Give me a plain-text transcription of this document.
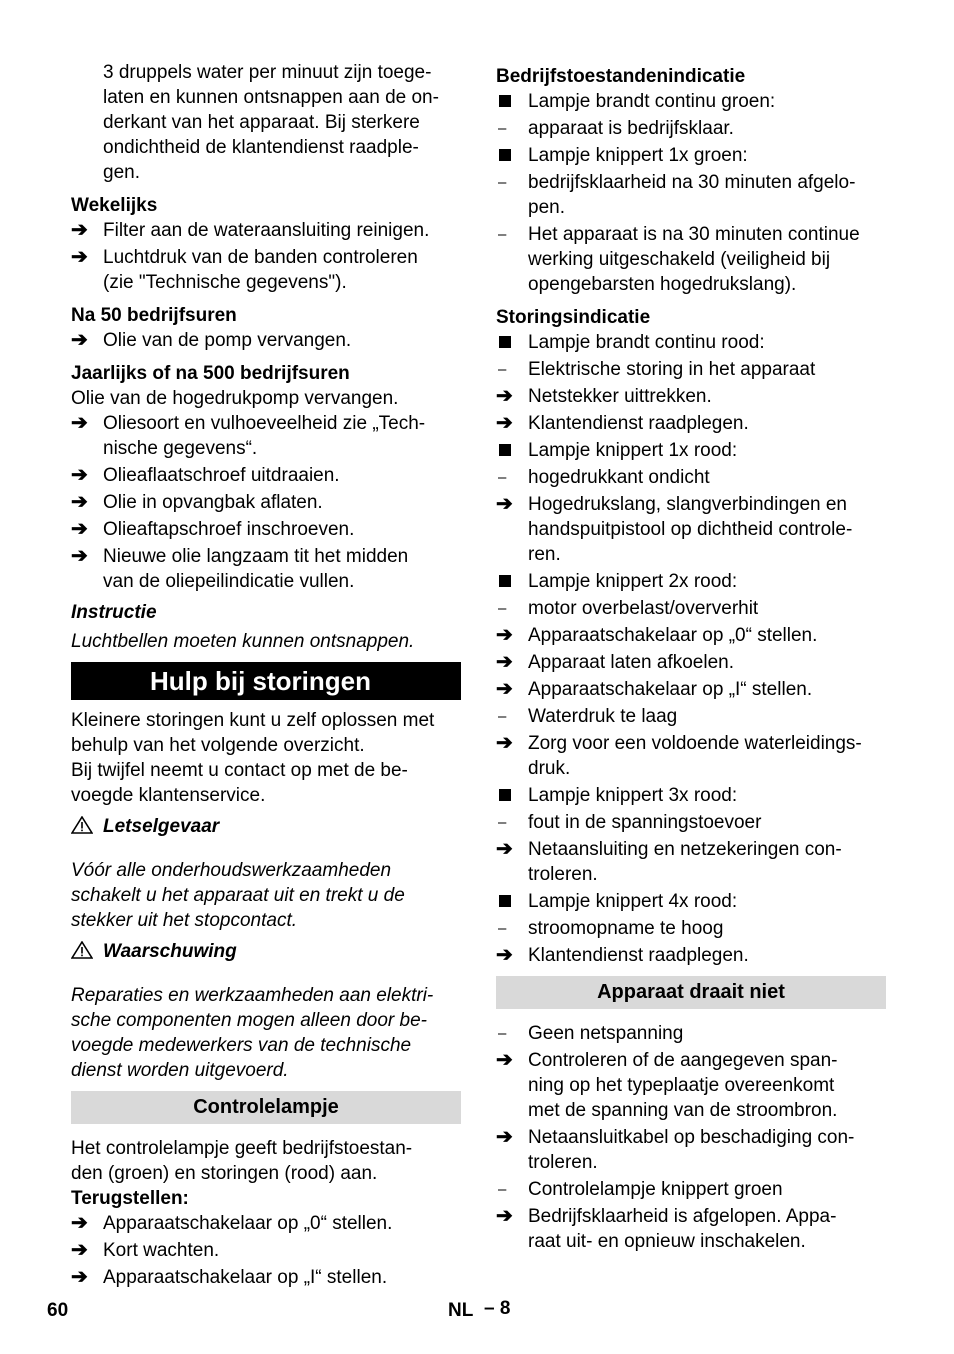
3 druppels water per minuut zijn toege-
laten en kunnen ontsnappen aan de on-
derkant van het apparaat. Bij sterkere
ondichtheid de klantendienst raadple-
gen.

Wekelijks

➔ Filter aan de wateraansluiting reinigen.
➔ Luchtdruk van de banden controleren
(zie "Technische gegevens").

Na 50 bedrijfsuren

➔ Olie van de pomp vervangen.

Jaarlijks of na 500 bedrijfsuren

Olie van de hogedrukpomp vervangen.

➔ Oliesoort en vulhoeveelheid zie „Tech-
nische gegevens“.
➔ Olieaflaatschroef uitdraaien.
➔ Olie in opvangbak aflaten.
➔ Olieaftapschroef inschroeven.
➔ Nieuwe olie langzaam tit het midden
van de oliepeilindicatie vullen.

Instructie

Luchtbellen moeten kunnen ontsnappen.

Hulp bij storingen

Kleinere storingen kunt u zelf oplossen met
behulp van het volgende overzicht.
Bij twijfel neemt u contact op met de be-
voegde klantenservice.

Letselgevaar

Vóór alle onderhoudswerkzaamheden
schakelt u het apparaat uit en trekt u de
stekker uit het stopcontact.

Waarschuwing

Reparaties en werkzaamheden aan elektri-
sche componenten mogen alleen door be-
voegde medewerkers van de technische
dienst worden uitgevoerd.

Controlelampje

Het controlelampje geeft bedrijfstoestan-
den (groen) en storingen (rood) aan.

Terugstellen:

➔ Apparaatschakelaar op „0“ stellen.
➔ Kort wachten.
➔ Apparaatschakelaar op „I“ stellen.

Bedrijfstoestandenindicatie

Lampje brandt continu groen:
–	apparaat is bedrijfsklaar.
Lampje knippert 1x groen:
–	bedrijfsklaarheid na 30 minuten afgelo-
pen.
–	Het apparaat is na 30 minuten continue
werking uitgeschakeld (veiligheid bij
opengebarsten hogedrukslang).

Storingsindicatie

Lampje brandt continu rood:
–	Elektrische storing in het apparaat
➔ Netstekker uittrekken.
➔ Klantendienst raadplegen.
Lampje knippert 1x rood:
–	hogedrukkant ondicht
➔ Hogedrukslang, slangverbindingen en
handspuitpistool op dichtheid controle-
ren.
Lampje knippert 2x rood:
–	motor overbelast/oververhit
➔ Apparaatschakelaar op „0“ stellen.
➔ Apparaat laten afkoelen.
➔ Apparaatschakelaar op „I“ stellen.
–	Waterdruk te laag
➔ Zorg voor een voldoende waterleidings-
druk.
Lampje knippert 3x rood:
–	fout in de spanningstoevoer
➔ Netaansluiting en netzekeringen con-
troleren.
Lampje knippert 4x rood:
–	stroomopname te hoog
➔ Klantendienst raadplegen.
Apparaat draait niet
–	Geen netspanning
➔ Controleren of de aangegeven span-
ning op het typeplaatje overeenkomt
met de spanning van de stroombron.
➔ Netaansluitkabel op beschadiging con-
troleren.
–	Controlelampje knippert groen
➔ Bedrijfsklaarheid is afgelopen. Appa-
raat uit- en opnieuw inschakelen.
60	NL – 8
